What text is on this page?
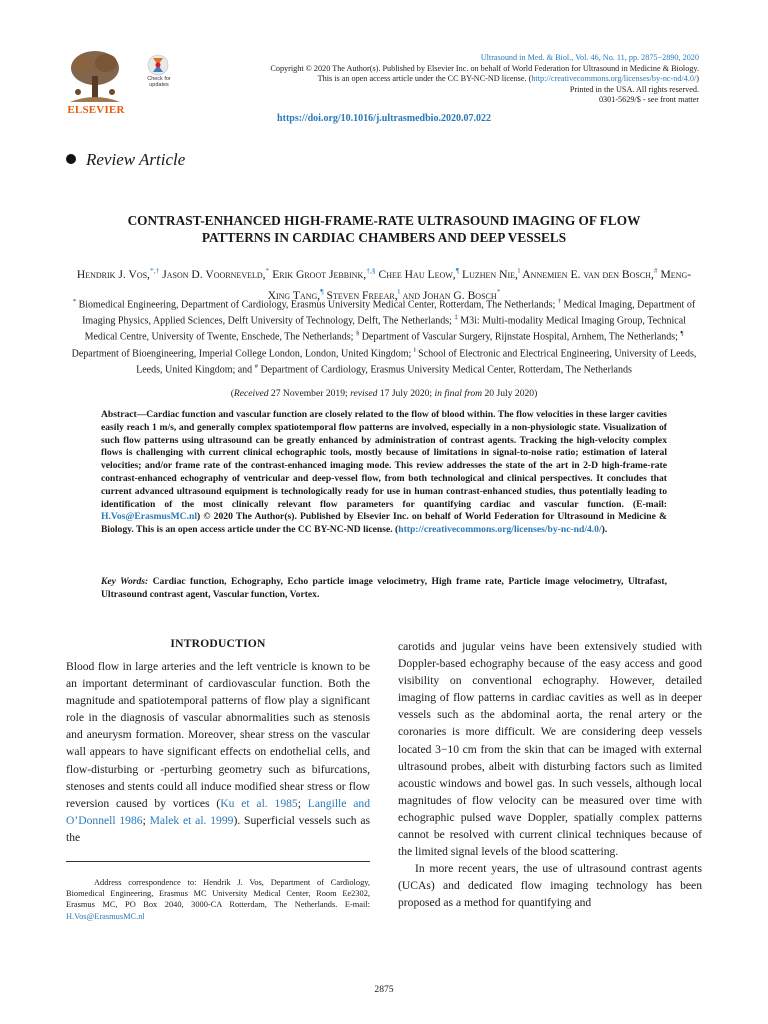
ELSEVIER
Check for updates
Ultrasound in Med. & Biol., Vol. 46, No. 11, pp. 2875−2890, 2020
Copyright © 2020 The Author(s). Published by Elsevier Inc. on behalf of World Federation for Ultrasound in Medicine & Biology.
This is an open access article under the CC BY-NC-ND license. (http://creativecommons.org/licenses/by-nc-nd/4.0/)
Printed in the USA. All rights reserved.
0301-5629/$ - see front matter
https://doi.org/10.1016/j.ultrasmedbio.2020.07.022
Review Article
CONTRAST-ENHANCED HIGH-FRAME-RATE ULTRASOUND IMAGING OF FLOW
PATTERNS IN CARDIAC CHAMBERS AND DEEP VESSELS
Hendrik J. Vos,*,† Jason D. Voorneveld,* Erik Groot Jebbink,†,§ Chee Hau Leow,¶ Luzhen Nie,‖ Annemien E. van den Bosch,# Meng-Xing Tang,¶ Steven Freear,‖ and Johan G. Bosch*
* Biomedical Engineering, Department of Cardiology, Erasmus University Medical Center, Rotterdam, The Netherlands; † Medical Imaging, Department of Imaging Physics, Applied Sciences, Delft University of Technology, Delft, The Netherlands; ‡ M3i: Multi-modality Medical Imaging Group, Technical Medical Centre, University of Twente, Enschede, The Netherlands; § Department of Vascular Surgery, Rijnstate Hospital, Arnhem, The Netherlands; ¶ Department of Bioengineering, Imperial College London, London, United Kingdom; ‖ School of Electronic and Electrical Engineering, University of Leeds, Leeds, United Kingdom; and # Department of Cardiology, Erasmus University Medical Center, Rotterdam, The Netherlands
(Received 27 November 2019; revised 17 July 2020; in final from 20 July 2020)
Abstract—Cardiac function and vascular function are closely related to the flow of blood within. The flow velocities in these larger cavities easily reach 1 m/s, and generally complex spatiotemporal flow patterns are involved, especially in a non-physiologic state. Visualization of such flow patterns using ultrasound can be greatly enhanced by administration of contrast agents. Tracking the high-velocity complex flows is challenging with current clinical echographic tools, mostly because of limitations in signal-to-noise ratio; estimation of lateral velocities; and/or frame rate of the contrast-enhanced imaging mode. This review addresses the state of the art in 2-D high-frame-rate contrast-enhanced echography of ventricular and deep-vessel flow, from both technological and clinical perspectives. It concludes that current advanced ultrasound equipment is technologically ready for use in human contrast-enhanced studies, thus potentially leading to identification of the most clinically relevant flow parameters for quantifying cardiac and vascular function. (E-mail: H.Vos@ErasmusMC.nl) © 2020 The Author(s). Published by Elsevier Inc. on behalf of World Federation for Ultrasound in Medicine & Biology. This is an open access article under the CC BY-NC-ND license. (http://creativecommons.org/licenses/by-nc-nd/4.0/).
Key Words: Cardiac function, Echography, Echo particle image velocimetry, High frame rate, Particle image velocimetry, Ultrafast, Ultrasound contrast agent, Vascular function, Vortex.
INTRODUCTION
Blood flow in large arteries and the left ventricle is known to be an important determinant of cardiovascular function. Both the magnitude and spatiotemporal patterns of flow play a significant role in the diagnosis of vascular abnormalities such as stenosis and aneurysm formation. Moreover, shear stress on the vascular wall appears to have significant effects on endothelial cells, and flow-disturbing or -perturbing geometry such as bifurcations, stenoses and stents could all induce modified shear stress or flow reversion caused by vortices (Ku et al. 1985; Langille and O’Donnell 1986; Malek et al. 1999). Superficial vessels such as the

carotids and jugular veins have been extensively studied with Doppler-based echography because of the easy access and good visibility on conventional echography. However, detailed imaging of flow patterns in cardiac cavities as well as in deeper vessels such as the abdominal aorta, the renal artery or the coronaries is more difficult. We are considering deep vessels located 3−10 cm from the skin that can be imaged with external ultrasound probes, albeit with disturbing factors such as limited acoustic windows and bowel gas. In such vessels, although local magnitudes of flow velocity can be measured over time with echographic pulsed wave Doppler, spatially complex patterns cannot be resolved with current clinical techniques because of the limited signal levels of the blood scattering.

In more recent years, the use of ultrasound contrast agents (UCAs) and dedicated flow imaging technology has been proposed as a method for quantifying and

Address correspondence to: Hendrik J. Vos, Department of Cardiology, Biomedical Engineering, Erasmus MC University Medical Center, Room Ee2302, Erasmus MC, PO Box 2040, 3000-CA Rotterdam, The Netherlands. E-mail: H.Vos@ErasmusMC.nl
2875
